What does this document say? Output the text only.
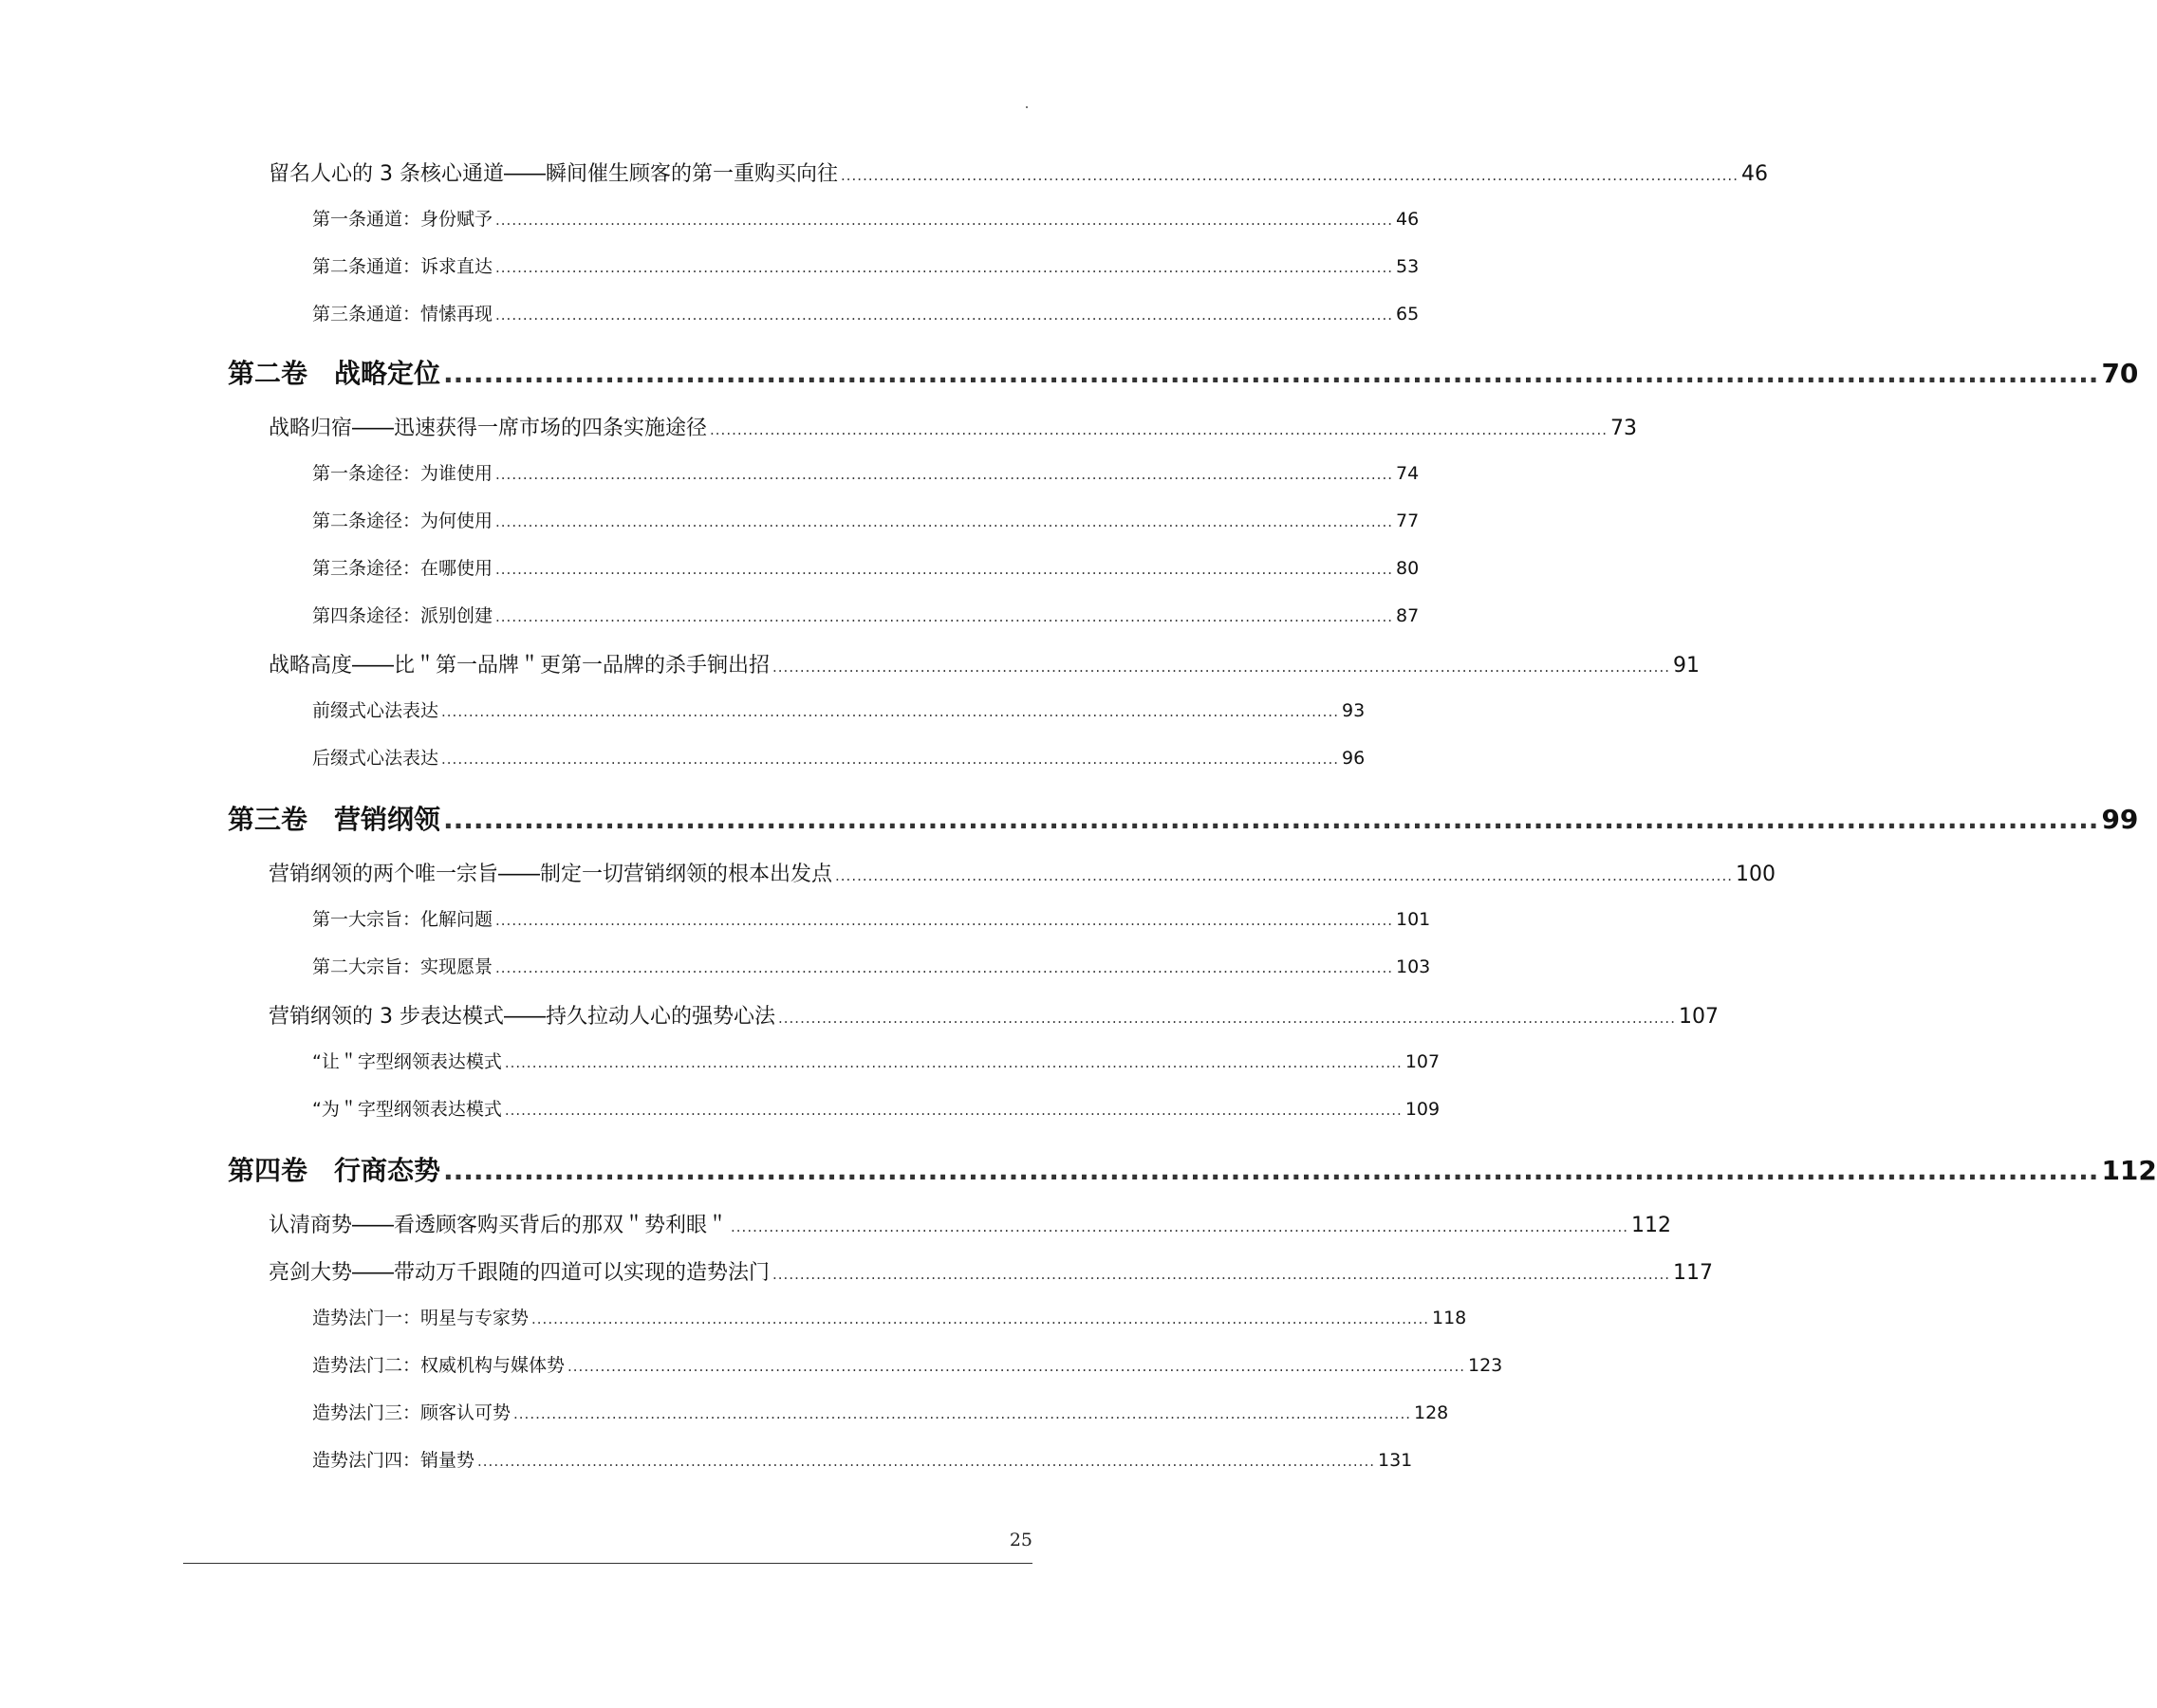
留名人心的 3 条核心通道――瞬间催生顾客的第一重购买向往 .................................................................................................................................................................... 46
第一条通道：身份赋予 .................................................................................................................................................................... 46
第二条通道：诉求直达 .................................................................................................................................................................... 53
第三条通道：情愫再现 .................................................................................................................................................................... 65
第二卷　战略定位 .................................................................................................................................................................... 70
战略归宿――迅速获得一席市场的四条实施途径 .................................................................................................................................................................... 73
第一条途径：为谁使用 .................................................................................................................................................................... 74
第二条途径：为何使用 .................................................................................................................................................................... 77
第三条途径：在哪使用 .................................................................................................................................................................... 80
第四条途径：派别创建 .................................................................................................................................................................... 87
战略高度――比＂第一品牌＂更第一品牌的杀手锏出招 .................................................................................................................................................................... 91
前缀式心法表达 .................................................................................................................................................................... 93
后缀式心法表达 .................................................................................................................................................................... 96
第三卷　营销纲领 .................................................................................................................................................................... 99
营销纲领的两个唯一宗旨――制定一切营销纲领的根本出发点 .................................................................................................................................................................... 100
第一大宗旨：化解问题 .................................................................................................................................................................... 101
第二大宗旨：实现愿景 .................................................................................................................................................................... 103
营销纲领的 3 步表达模式――持久拉动人心的强势心法 .................................................................................................................................................................... 107
“让＂字型纲领表达模式 .................................................................................................................................................................... 107
“为＂字型纲领表达模式 .................................................................................................................................................................... 109
第四卷　行商态势 .................................................................................................................................................................... 112
认清商势――看透顾客购买背后的那双＂势利眼＂ .................................................................................................................................................................... 112
亮剑大势――带动万千跟随的四道可以实现的造势法门 .................................................................................................................................................................... 117
造势法门一：明星与专家势 .................................................................................................................................................................... 118
造势法门二：权威机构与媒体势 .................................................................................................................................................................... 123
造势法门三：顾客认可势 .................................................................................................................................................................... 128
造势法门四：销量势 .................................................................................................................................................................... 131
25
